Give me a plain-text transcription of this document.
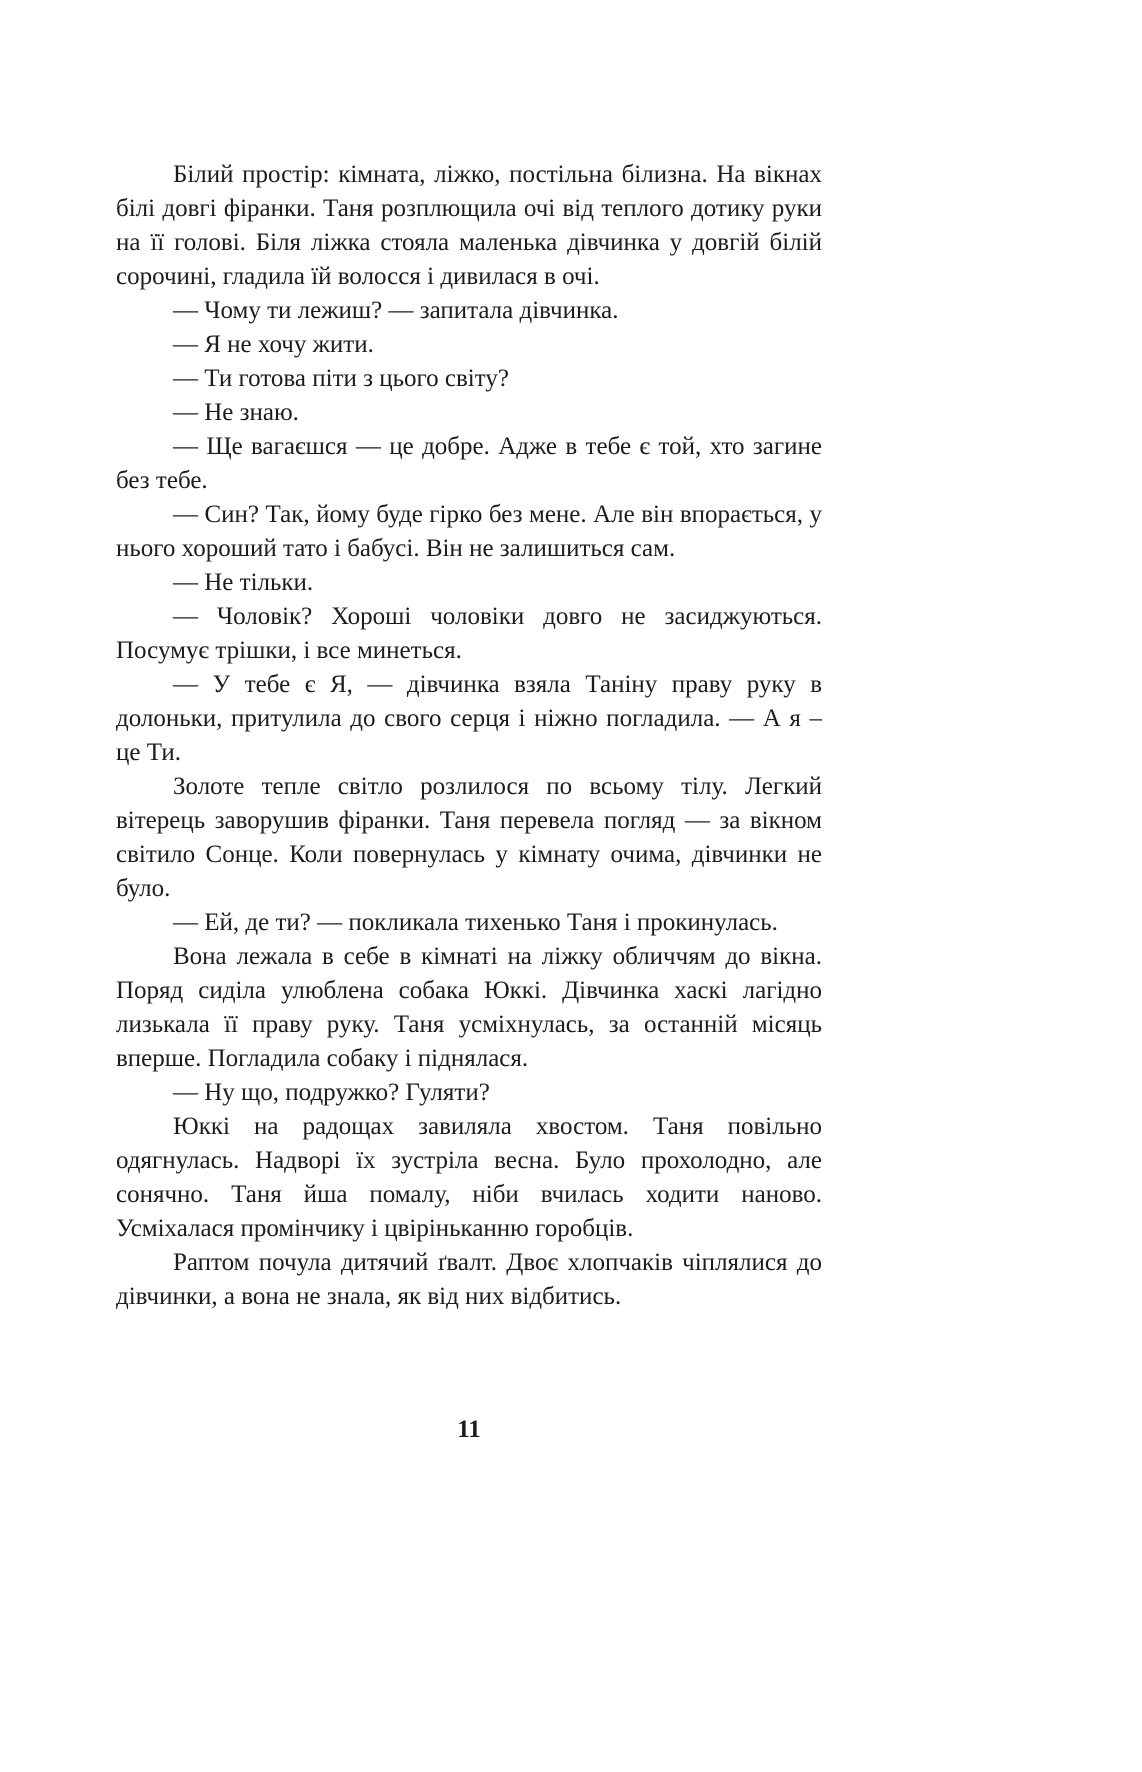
Білий простір: кімната, ліжко, постільна білизна. На вікнах білі довгі фіранки. Таня розплющила очі від теплого дотику руки на її голові. Біля ліжка стояла маленька дівчинка у довгій білій сорочині, гладила їй волосся і дивилася в очі.

— Чому ти лежиш? — запитала дівчинка.

— Я не хочу жити.

— Ти готова піти з цього світу?

— Не знаю.

— Ще вагаєшся — це добре. Адже в тебе є той, хто загине без тебе.

— Син? Так, йому буде гірко без мене. Але він впорається, у нього хороший тато і бабусі. Він не залишиться сам.

— Не тільки.

— Чоловік? Хороші чоловіки довго не засиджуються. Посумує трішки, і все минеться.

— У тебе є Я, — дівчинка взяла Таніну праву руку в долоньки, притулила до свого серця і ніжно погладила. — А я – це Ти.

Золоте тепле світло розлилося по всьому тілу. Легкий вітерець заворушив фіранки. Таня перевела погляд — за вікном світило Сонце. Коли повернулась у кімнату очима, дівчинки не було.

— Ей, де ти? — покликала тихенько Таня і прокинулась.

Вона лежала в себе в кімнаті на ліжку обличчям до вікна. Поряд сиділа улюблена собака Юккі. Дівчинка хаскі лагідно лизькала її праву руку. Таня усміхнулась, за останній місяць вперше. Погладила собаку і піднялася.

— Ну що, подружко? Гуляти?

Юккі на радощах завиляла хвостом. Таня повільно одягнулась. Надворі їх зустріла весна. Було прохолодно, але сонячно. Таня йша помалу, ніби вчилась ходити наново. Усміхалася промінчику і цвіріньканню горобців.

Раптом почула дитячий ґвалт. Двоє хлопчаків чіплялися до дівчинки, а вона не знала, як від них відбитись.

11
